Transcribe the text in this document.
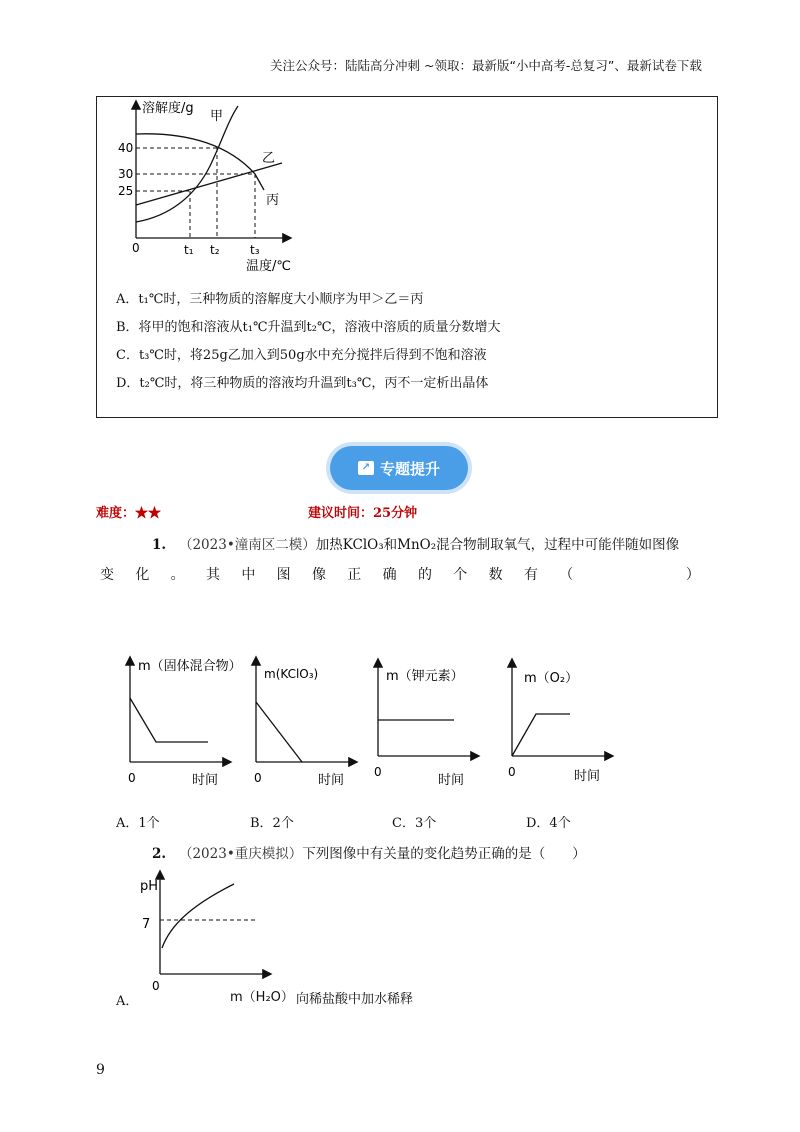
关注公众号：陆陆高分冲刺 ~领取：最新版“小中高考-总复习”、最新试卷下载
溶解度/g
温度/℃
0
40
30
25
t₁ t₂	t₃
甲
乙
丙
A．t₁℃时，三种物质的溶解度大小顺序为甲＞乙＝丙
B．将甲的饱和溶液从t₁℃升温到t₂℃，溶液中溶质的质量分数增大
C．t₃℃时，将25g乙加入到50g水中充分搅拌后得到不饱和溶液
D．t₂℃时，将三种物质的溶液均升温到t₃℃，丙不一定析出晶体
↗ 专题提升
难度：★★	建议时间：25分钟
1. （2023•潼南区二模）加热KClO₃和MnO₂混合物制取氧气，过程中可能伴随如图像
变 化 。 其 中 图 像 正 确 的 个 数 有 （	）
m（固体混合物）
0	时间
m(KClO₃)
0	时间
m（钾元素）
0
时间
m（O₂）
0	时间
A．1个	B．2个	C．3个	D．4个
2. （2023•重庆模拟）下列图像中有关量的变化趋势正确的是（　　）
pH
7
0
A．	m（H₂O） 向稀盐酸中加水稀释
9
